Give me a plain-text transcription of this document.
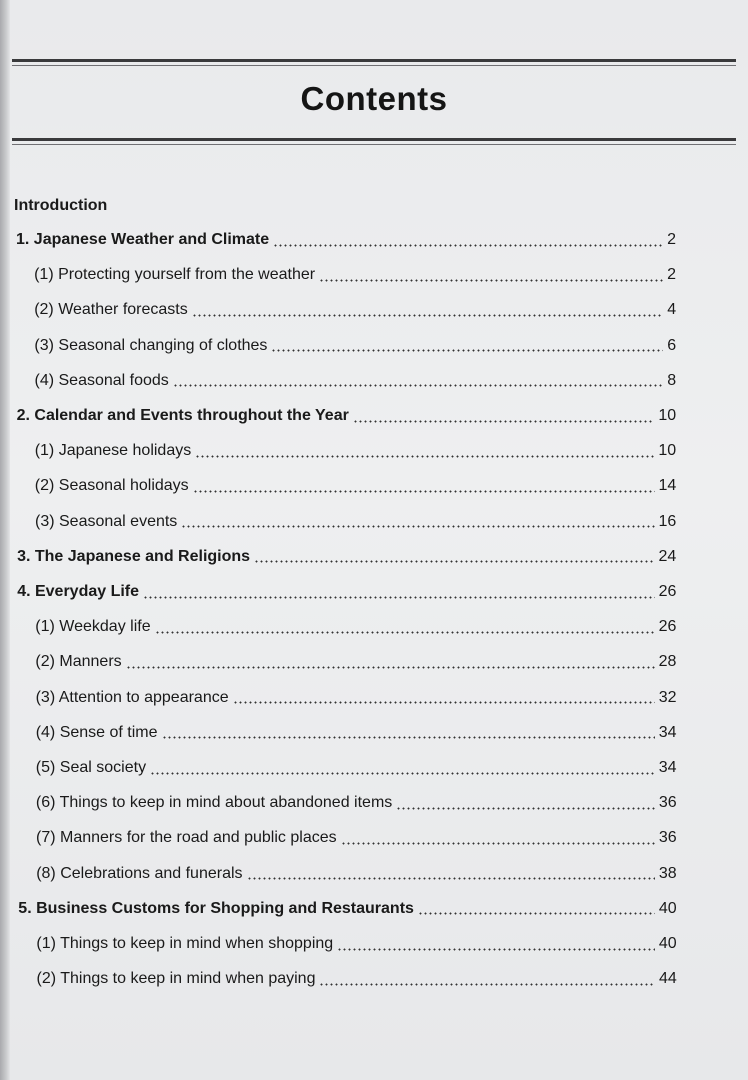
Contents
Introduction
1. Japanese Weather and Climate	2
(1) Protecting yourself from the weather	2
(2) Weather forecasts	4
(3) Seasonal changing of clothes	6
(4) Seasonal foods	8
2. Calendar and Events throughout the Year	10
(1) Japanese holidays	10
(2) Seasonal holidays	14
(3) Seasonal events	16
3. The Japanese and Religions	24
4. Everyday Life	26
(1) Weekday life	26
(2) Manners	28
(3) Attention to appearance	32
(4) Sense of time	34
(5) Seal society	34
(6) Things to keep in mind about abandoned items	36
(7) Manners for the road and public places	36
(8) Celebrations and funerals	38
5. Business Customs for Shopping and Restaurants	40
(1) Things to keep in mind when shopping	40
(2) Things to keep in mind when paying	44
